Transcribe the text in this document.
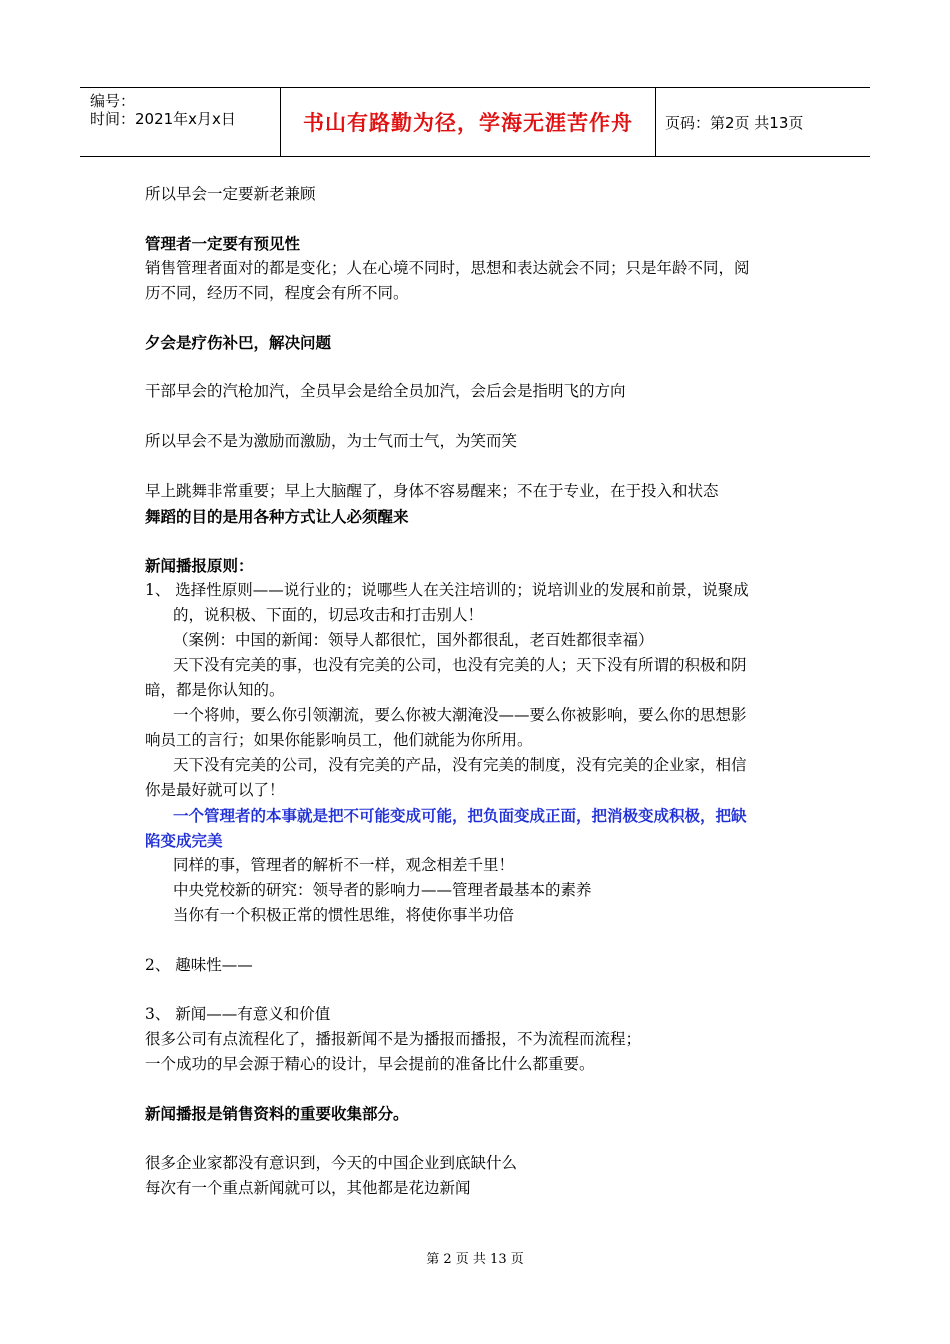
编号：
时间：2021年x月x日	书山有路勤为径，学海无涯苦作舟 页码：第2页 共13页
所以早会一定要新老兼顾
管理者一定要有预见性
销售管理者面对的都是变化；人在心境不同时，思想和表达就会不同；只是年龄不同，阅
历不同，经历不同，程度会有所不同。
夕会是疗伤补巴，解决问题
干部早会的汽枪加汽，全员早会是给全员加汽，会后会是指明飞的方向
所以早会不是为激励而激励，为士气而士气，为笑而笑
早上跳舞非常重要；早上大脑醒了，身体不容易醒来；不在于专业，在于投入和状态
舞蹈的目的是用各种方式让人必须醒来
新闻播报原则：
1、 选择性原则——说行业的；说哪些人在关注培训的；说培训业的发展和前景，说聚成
的，说积极、下面的，切忌攻击和打击别人！
（案例：中国的新闻：领导人都很忙，国外都很乱，老百姓都很幸福）
天下没有完美的事，也没有完美的公司，也没有完美的人；天下没有所谓的积极和阴
暗，都是你认知的。
一个将帅，要么你引领潮流，要么你被大潮淹没——要么你被影响，要么你的思想影
响员工的言行；如果你能影响员工，他们就能为你所用。
天下没有完美的公司，没有完美的产品，没有完美的制度，没有完美的企业家，相信
你是最好就可以了！
一个管理者的本事就是把不可能变成可能，把负面变成正面，把消极变成积极，把缺
陷变成完美
同样的事，管理者的解析不一样，观念相差千里！
中央党校新的研究：领导者的影响力——管理者最基本的素养
当你有一个积极正常的惯性思维，将使你事半功倍
2、 趣味性——
3、 新闻——有意义和价值
很多公司有点流程化了，播报新闻不是为播报而播报，不为流程而流程；
一个成功的早会源于精心的设计，早会提前的准备比什么都重要。
新闻播报是销售资料的重要收集部分。
很多企业家都没有意识到，今天的中国企业到底缺什么
每次有一个重点新闻就可以，其他都是花边新闻
第 2 页 共 13 页
